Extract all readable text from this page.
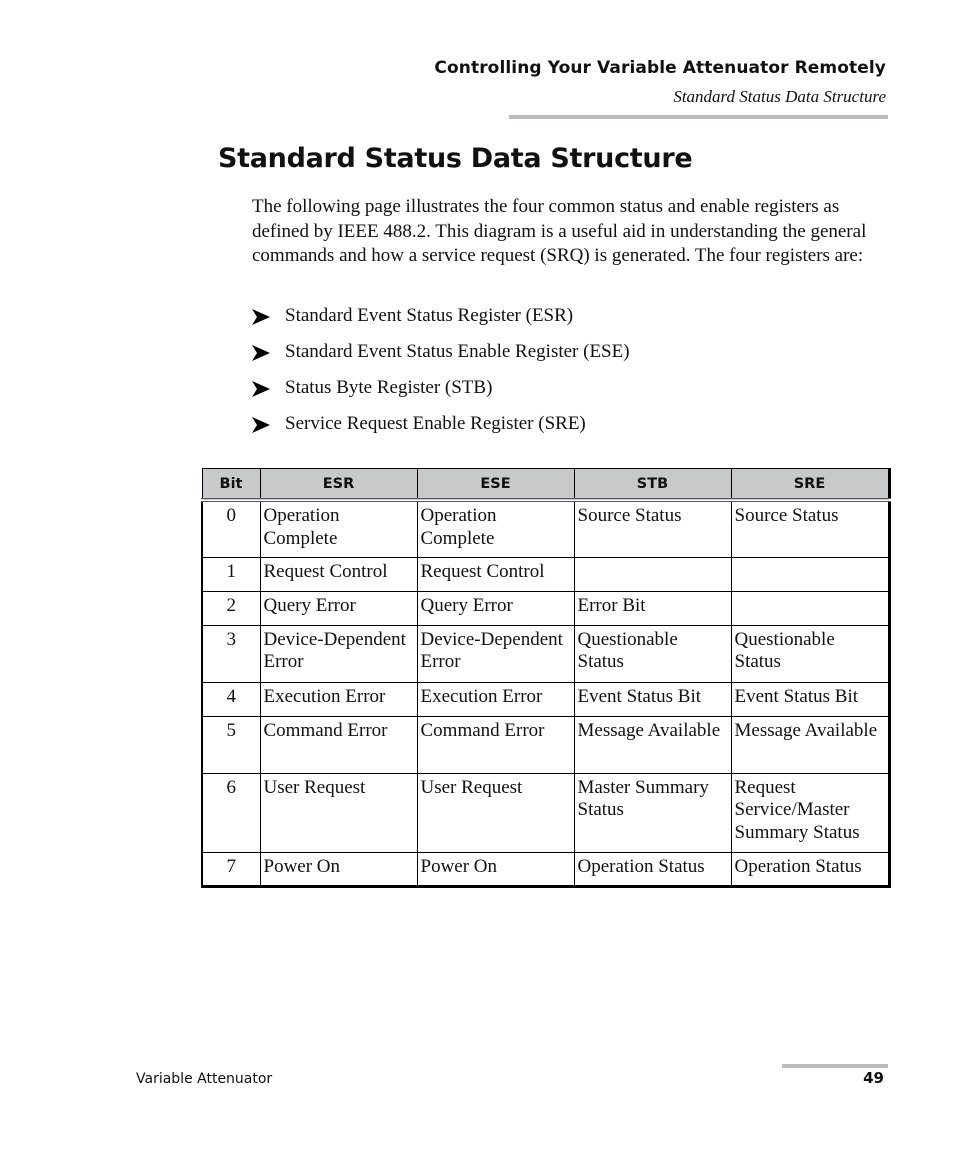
Controlling Your Variable Attenuator Remotely
Standard Status Data Structure
Standard Status Data Structure

The following page illustrates the four common status and enable registers as defined by IEEE 488.2. This diagram is a useful aid in understanding the general commands and how a service request (SRQ) is generated. The four registers are:

Standard Event Status Register (ESR)
Standard Event Status Enable Register (ESE)
Status Byte Register (STB)
Service Request Enable Register (SRE)
Bit	ESR	ESE	STB	SRE
0	Operation Complete	Operation Complete	Source Status	Source Status
1	Request Control	Request Control		
2	Query Error	Query Error	Error Bit	
3	Device-Dependent Error	Device-Dependent Error	Questionable Status	Questionable Status
4	Execution Error	Execution Error	Event Status Bit	Event Status Bit
5	Command Error	Command Error	Message Available	Message Available
6	User Request	User Request	Master Summary Status	Request Service/Master Summary Status
7	Power On	Power On	Operation Status	Operation Status
Variable Attenuator	49
